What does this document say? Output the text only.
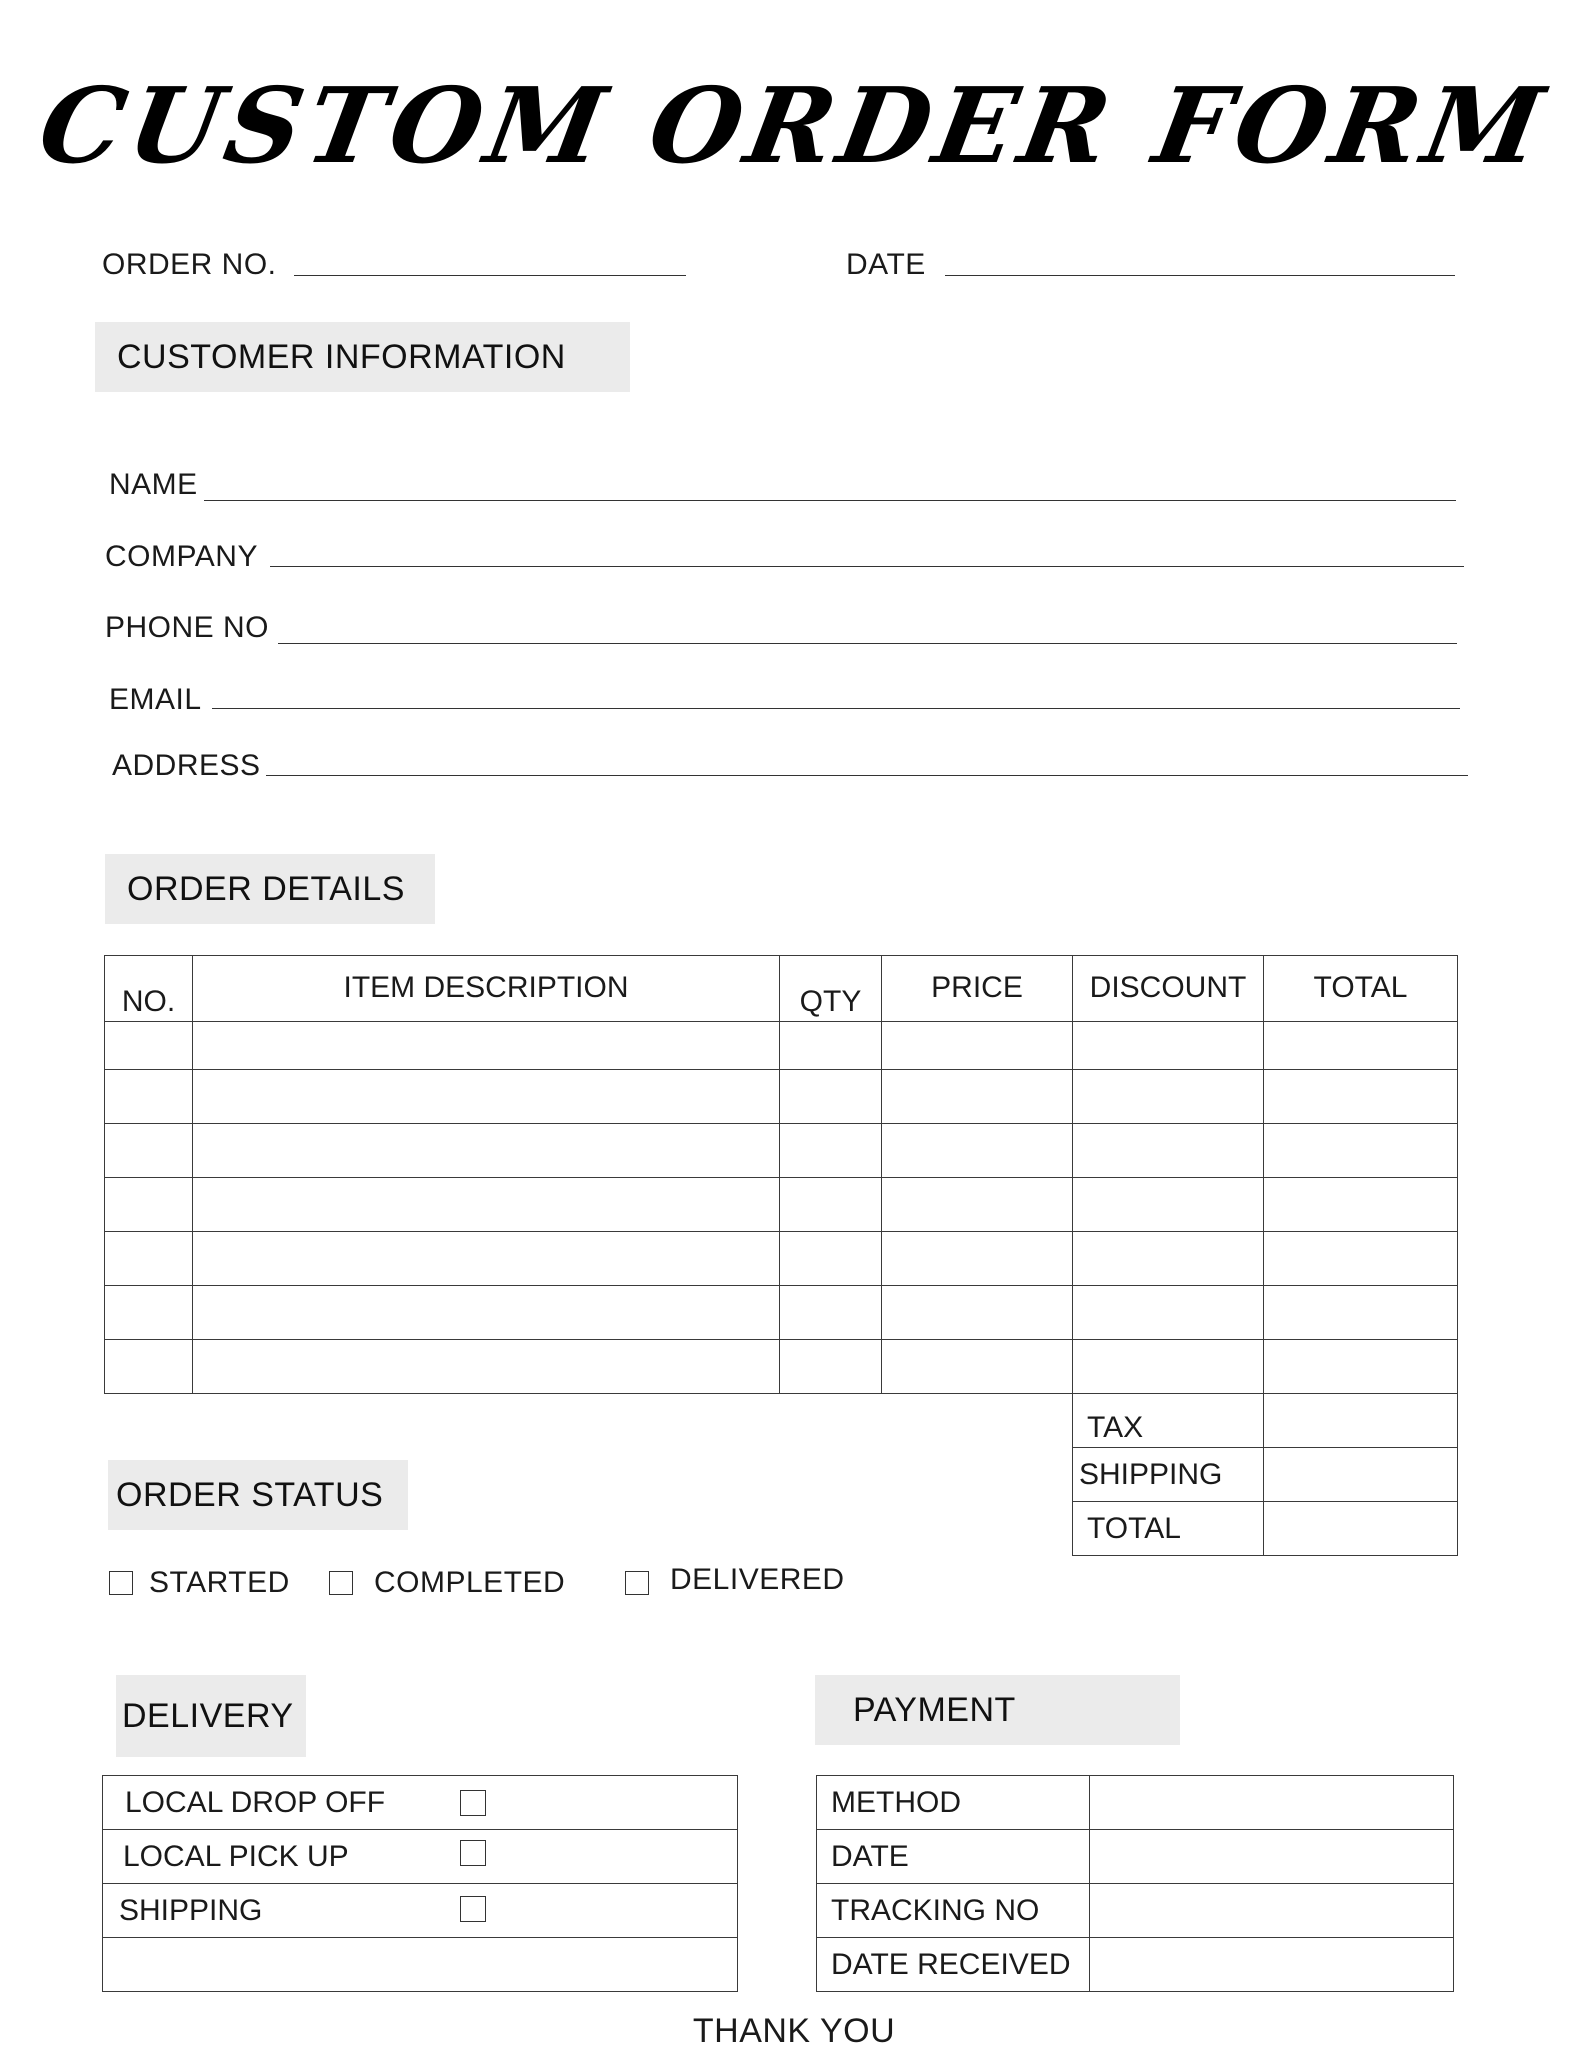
CUSTOM ORDER FORM
ORDER NO.	DATE
CUSTOMER INFORMATION
NAME
COMPANY
PHONE NO
EMAIL
ADDRESS
ORDER DETAILS
NO.	ITEM DESCRIPTION	QTY	PRICE	DISCOUNT	TOTAL

TAX	
SHIPPING	
TOTAL	
ORDER STATUS
STARTED	COMPLETED	DELIVERED
DELIVERY
LOCAL DROP OFF

LOCAL PICK UP

SHIPPING

PAYMENT
METHOD	
DATE	
TRACKING NO	
DATE RECEIVED	
THANK YOU
